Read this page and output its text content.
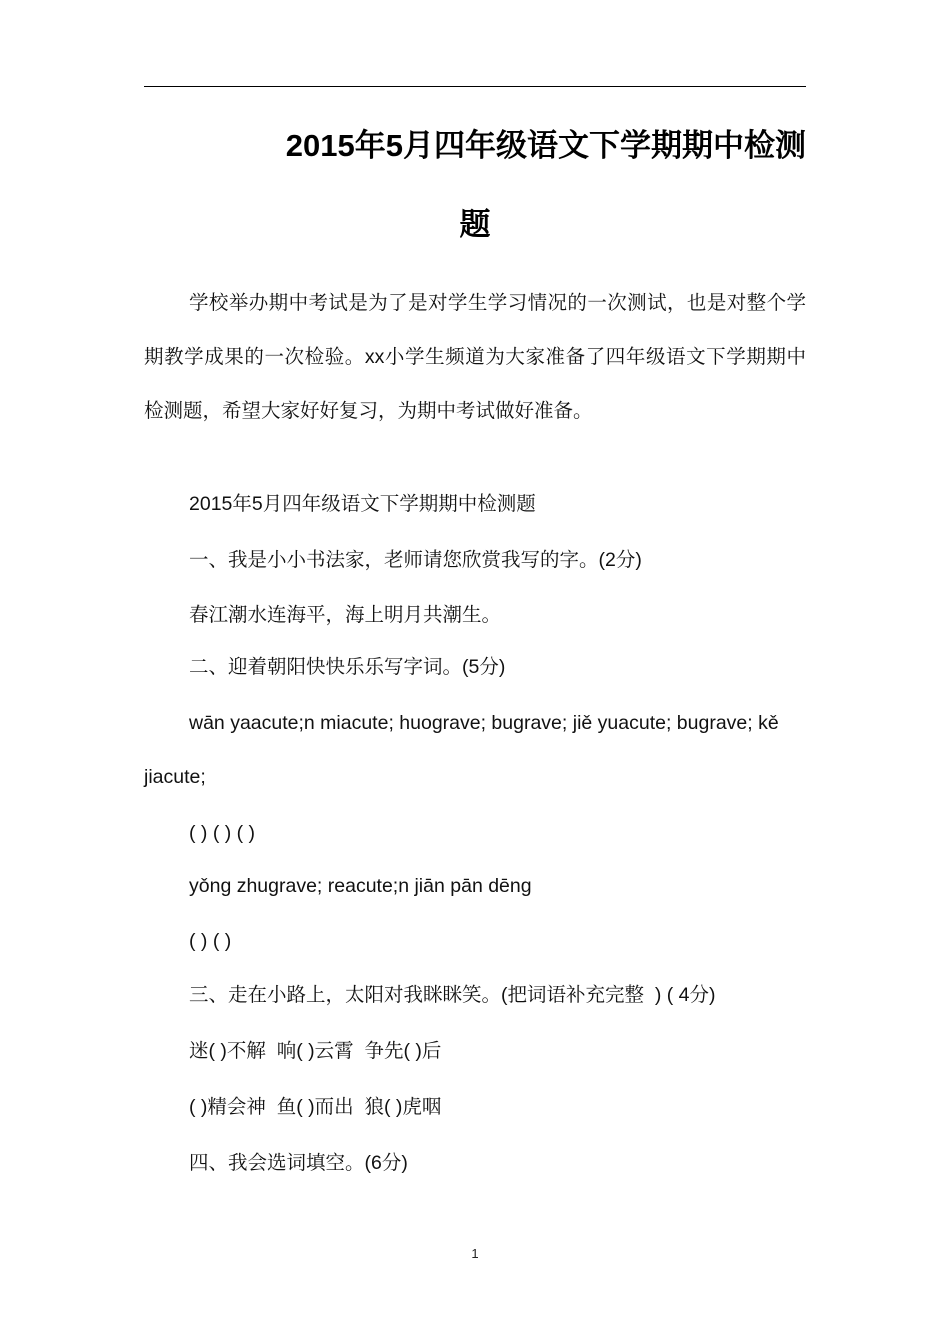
2015年5月四年级语文下学期期中检测
题

学校举办期中考试是为了是对学生学习情况的一次测试，也是对整个学期教学成果的一次检验。xx小学生频道为大家准备了四年级语文下学期期中检测题，希望大家好好复习，为期中考试做好准备。

2015年5月四年级语文下学期期中检测题

一、我是小小书法家，老师请您欣赏我写的字。(2分)

春江潮水连海平，海上明月共潮生。

二、迎着朝阳快快乐乐写字词。(5分)

wān yaacute;n miacute; huograve; bugrave; jiě yuacute; bugrave; kě

jiacute;

( ) ( ) ( )

yǒng zhugrave; reacute;n jiān pān dēng

( ) ( )

三、走在小路上，太阳对我眯眯笑。(把词语补充完整  ) ( 4分)

迷( )不解  响( )云霄  争先( )后

( )精会神  鱼( )而出  狼( )虎咽

四、我会选词填空。(6分)

1
